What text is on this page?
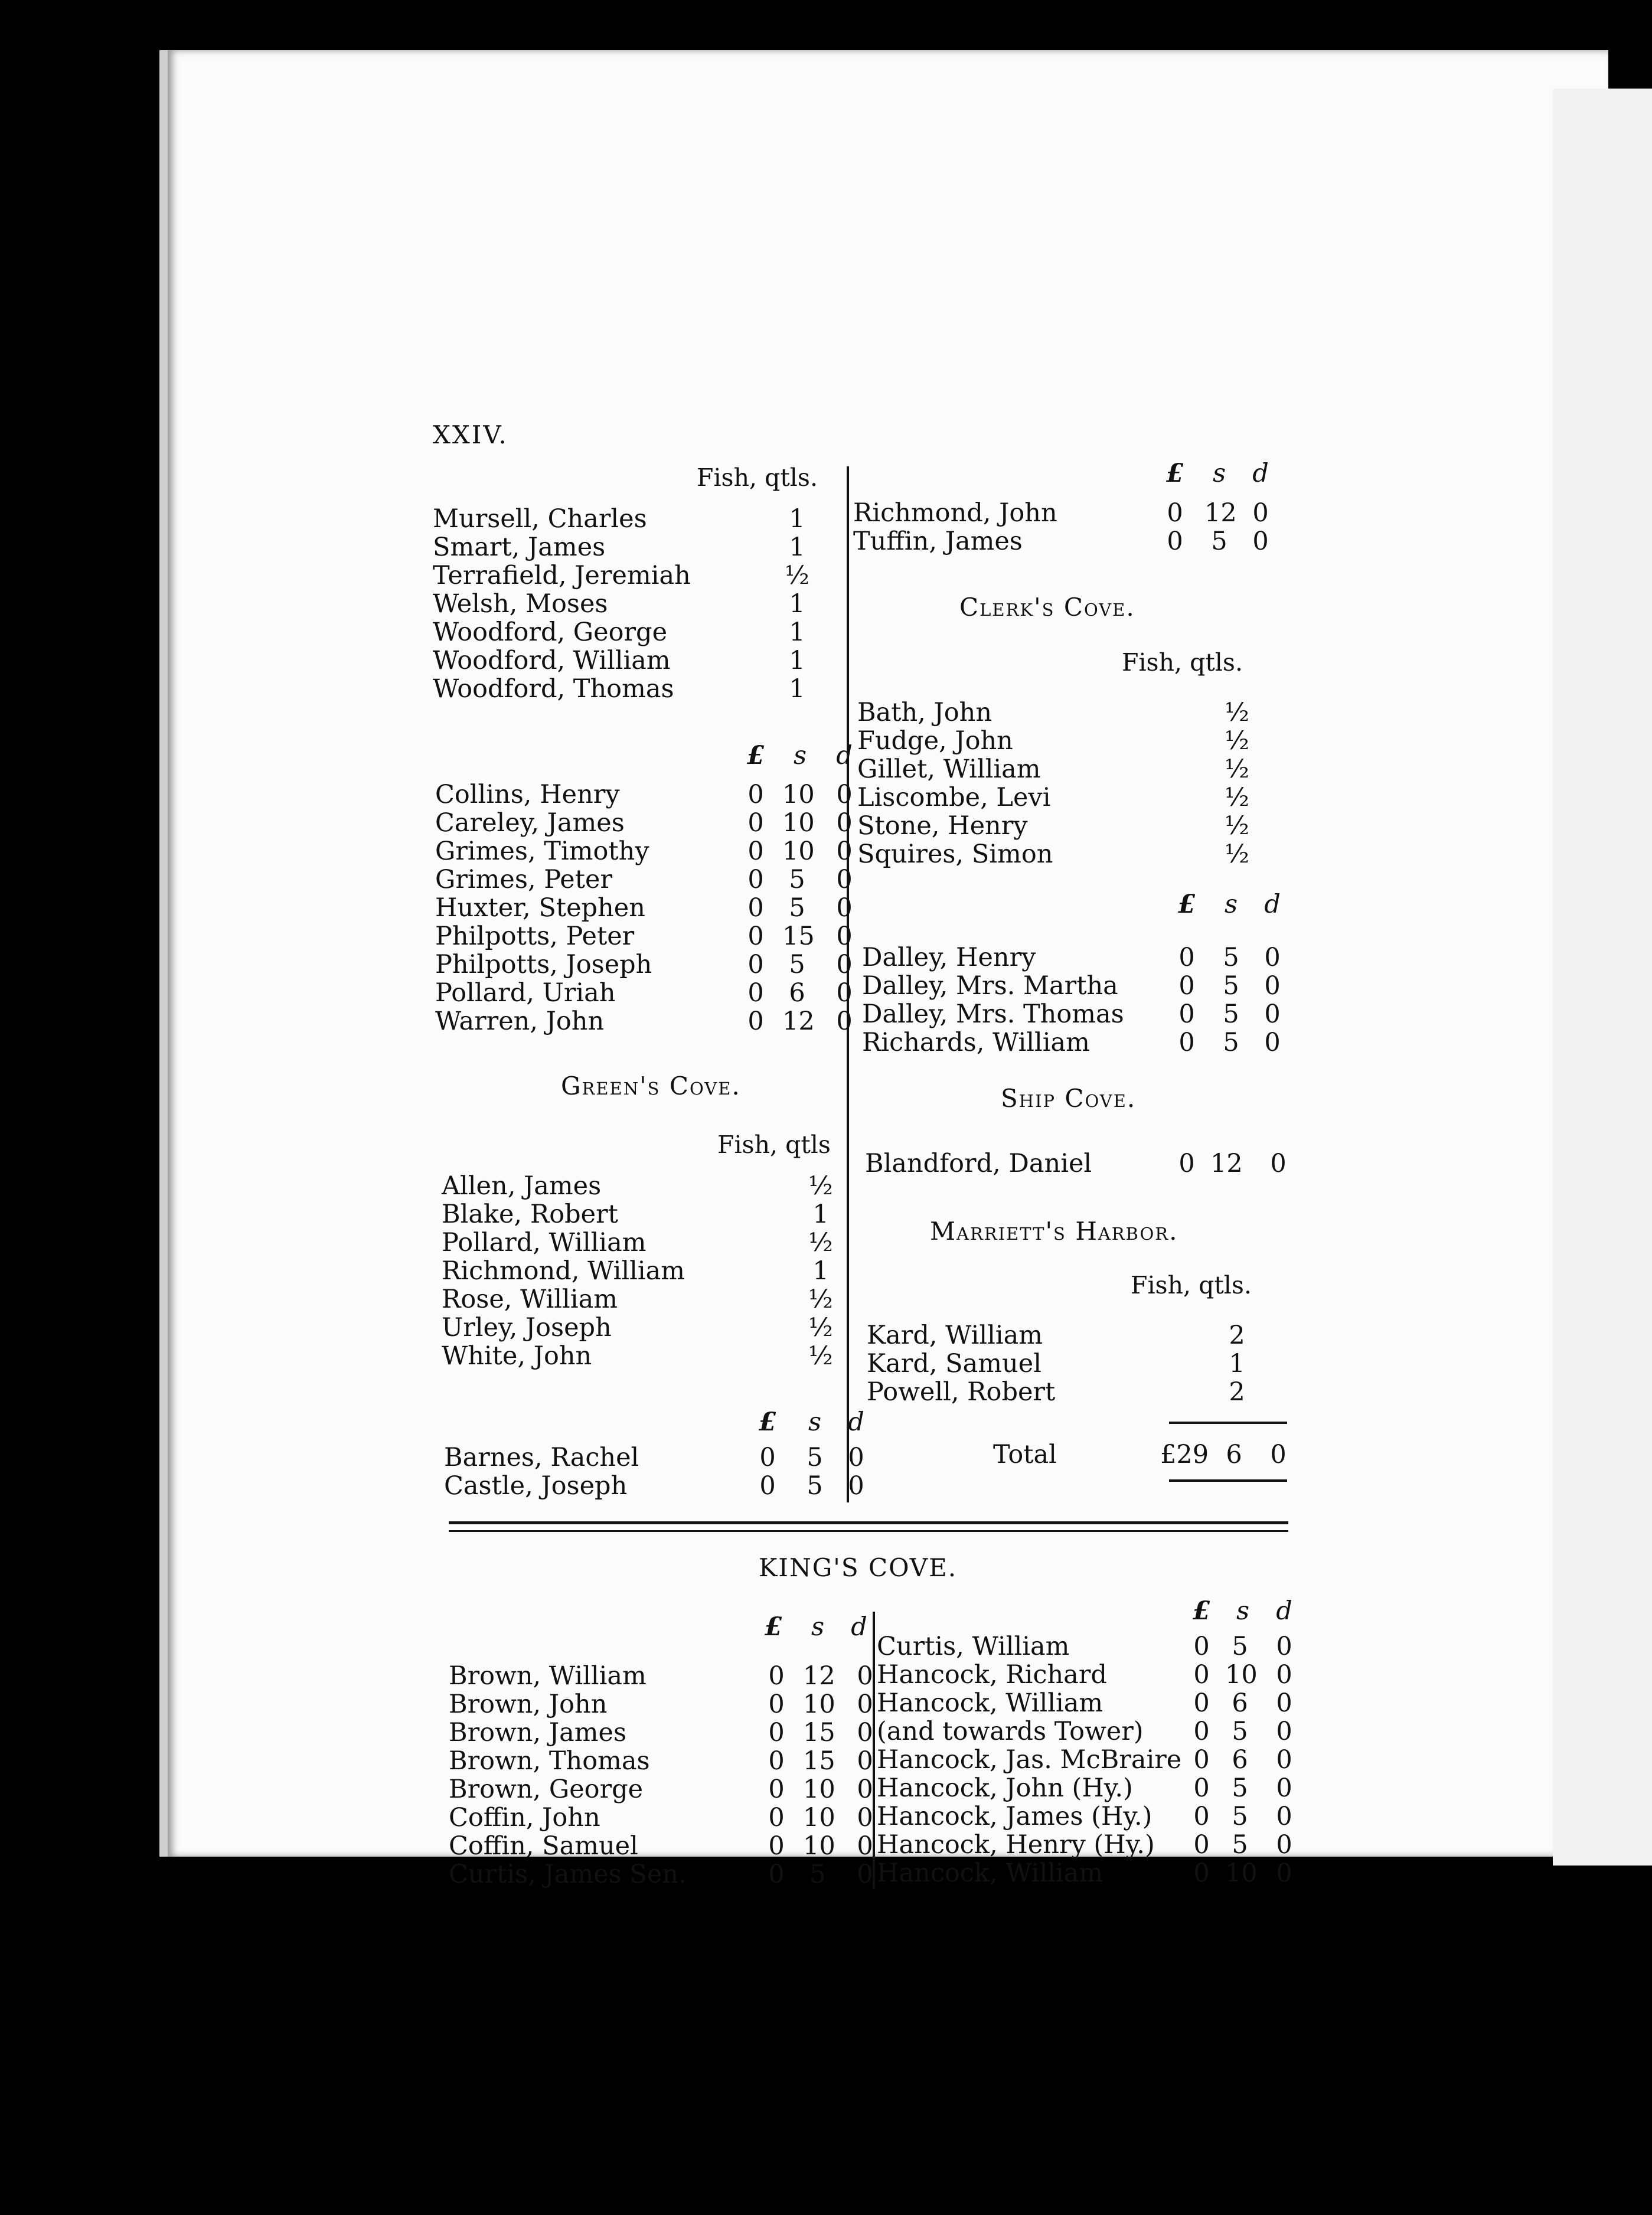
XXIV.
Fish, qtls.
Mursell, Charles	1
Smart, James	1
Terrafield, Jeremiah	½
Welsh, Moses	1
Woodford, George	1
Woodford, William	1
Woodford, Thomas	1
£	s	d
Collins, Henry	0 10 0
Careley, James	0 10 0
Grimes, Timothy	0 10 0
Grimes, Peter	0 5 0
Huxter, Stephen	0 5 0
Philpotts, Peter	0 15 0
Philpotts, Joseph	0 5 0
Pollard, Uriah	0 6 0
Warren, John	0 12 0
Green's Cove.
Fish, qtls
Allen, James	½
Blake, Robert	1
Pollard, William	½
Richmond, William	1
Rose, William	½
Urley, Joseph	½
White, John	½
£	s	d
Barnes, Rachel	0 5 0
Castle, Joseph	0 5 0
£	s	d
Richmond, John	0 12 0
Tuffin, James	0 5 0
Clerk's Cove.
Fish, qtls.
Bath, John	½
Fudge, John	½
Gillet, William	½
Liscombe, Levi	½
Stone, Henry	½
Squires, Simon	½
£	s	d
Dalley, Henry	0 5 0
Dalley, Mrs. Martha 0 5 0
Dalley, Mrs. Thomas 0 5 0
Richards, William	0 5 0
Ship Cove.
Blandford, Daniel	0 12 0
Marriett's Harbor.
Fish, qtls.
Kard, William	2
Kard, Samuel	1
Powell, Robert	2
Total	£29 6 0
KING'S COVE.
£	s	d
Brown, William	0 12 0
Brown, John	0 10 0
Brown, James	0 15 0
Brown, Thomas	0 15 0
Brown, George	0 10 0
Coffin, John	0 10 0
Coffin, Samuel	0 10 0
Curtis, James Sen.	0 5 0
£	s	d
Curtis, William	0 5 0
Hancock, Richard	0 10 0
Hancock, William	0 6 0
(and towards Tower) 0 5 0
Hancock, Jas. McBraire 0 6 0
Hancock, John (Hy.) 0 5 0
Hancock, James (Hy.) 0 5 0
Hancock, Henry (Hy.) 0 5 0
Hancock, William	0 10 0
